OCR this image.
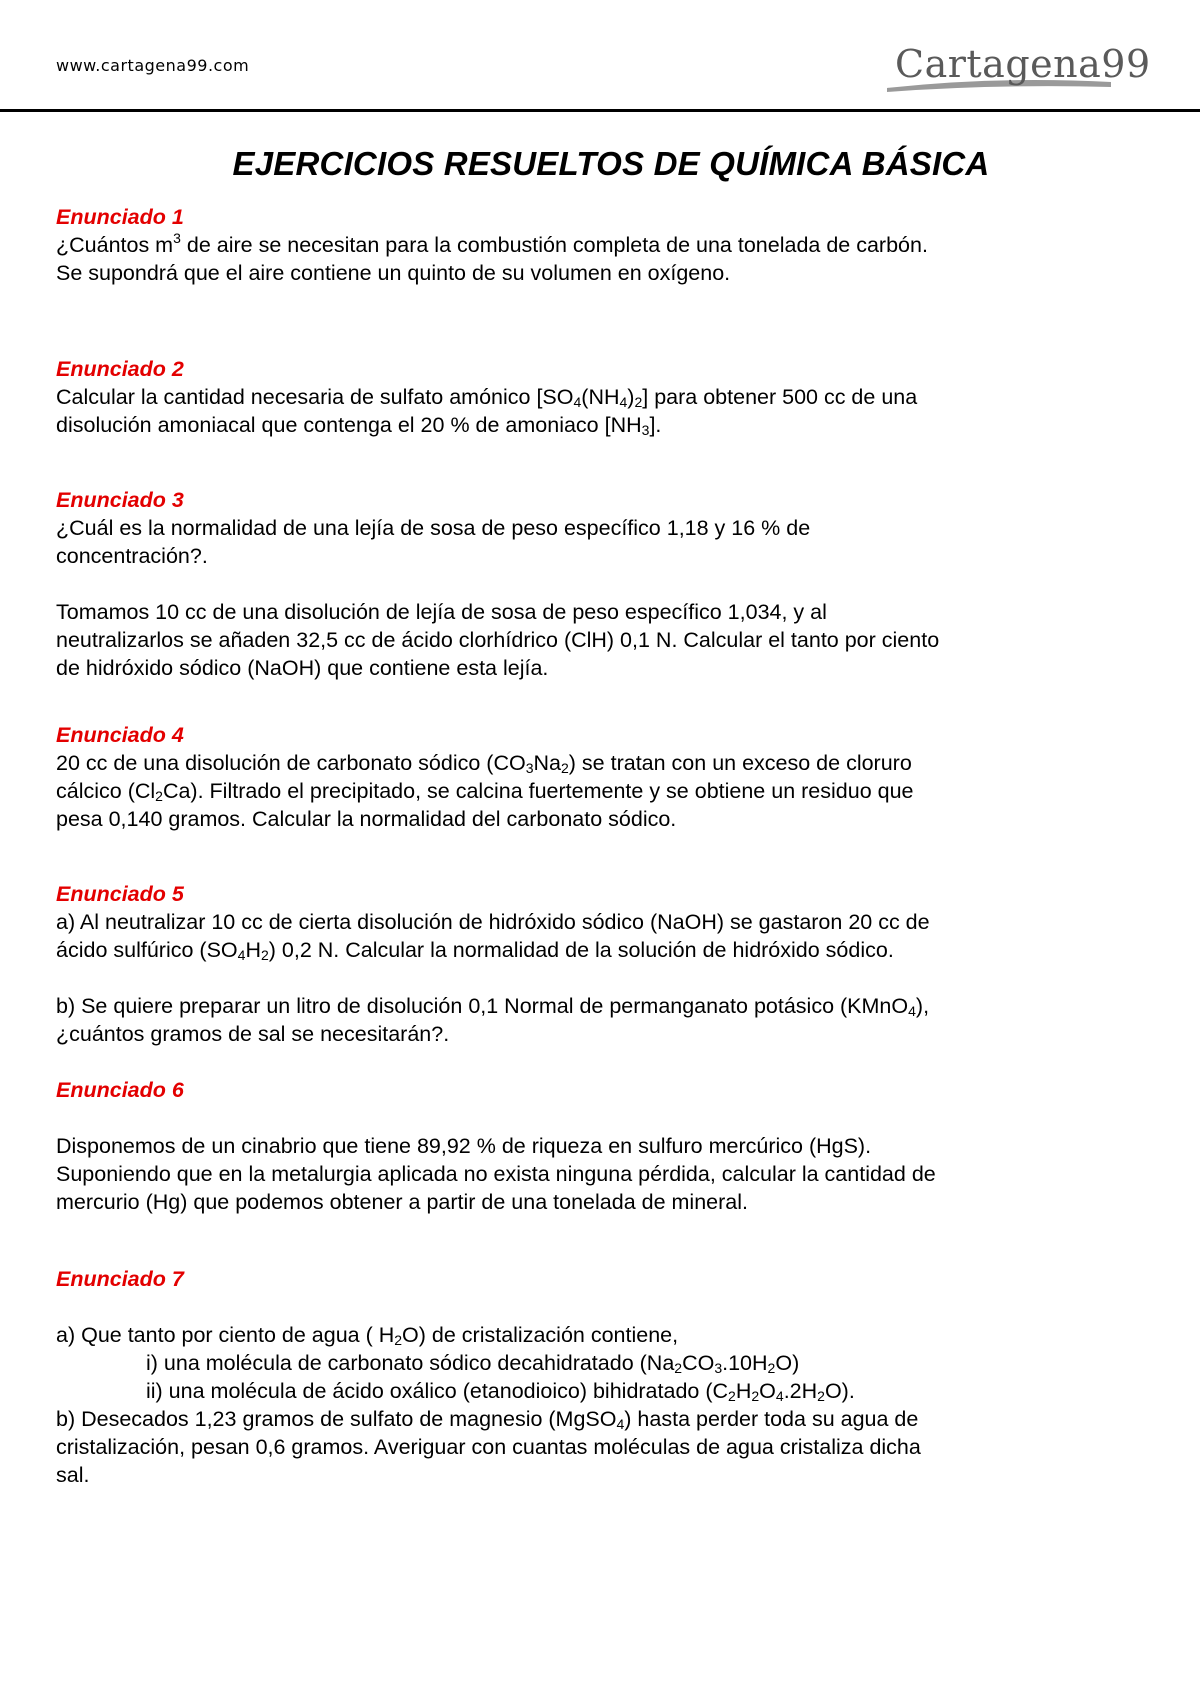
www.cartagena99.com	Cartagena99
EJERCICIOS RESUELTOS DE QUÍMICA BÁSICA
Enunciado 1

¿Cuántos $m^3$ de aire se necesitan para la combustión completa de una tonelada de carbón.

Se supondrá que el aire contiene un quinto de su volumen en oxígeno.

Enunciado 2

Calcular la cantidad necesaria de sulfato amónico $[SO_4(NH_4)_2]$ para obtener 500 cc de una

disolución amoniacal que contenga el 20 % de amoniaco $[NH_3]$.

Enunciado 3

¿Cuál es la normalidad de una lejía de sosa de peso específico 1,18 y 16 % de

concentración?.

Tomamos 10 cc de una disolución de lejía de sosa de peso específico 1,034, y al

neutralizarlos se añaden 32,5 cc de ácido clorhídrico (ClH) 0,1 N. Calcular el tanto por ciento

de hidróxido sódico (NaOH) que contiene esta lejía.

Enunciado 4

20 cc de una disolución de carbonato sódico $(CO_3Na_2)$ se tratan con un exceso de cloruro

cálcico $(Cl_2Ca)$. Filtrado el precipitado, se calcina fuertemente y se obtiene un residuo que

pesa 0,140 gramos. Calcular la normalidad del carbonato sódico.

Enunciado 5

a) Al neutralizar 10 cc de cierta disolución de hidróxido sódico (NaOH) se gastaron 20 cc de

ácido sulfúrico $(SO_4H_2)$ 0,2 N. Calcular la normalidad de la solución de hidróxido sódico.

b) Se quiere preparar un litro de disolución 0,1 Normal de permanganato potásico (KMnO$_4$),

¿cuántos gramos de sal se necesitarán?.

Enunciado 6

Disponemos de un cinabrio que tiene 89,92 % de riqueza en sulfuro mercúrico (HgS).

Suponiendo que en la metalurgia aplicada no exista ninguna pérdida, calcular la cantidad de

mercurio (Hg) que podemos obtener a partir de una tonelada de mineral.

Enunciado 7

a) Que tanto por ciento de agua ( $H_2O$) de cristalización contiene,

i) una molécula de carbonato sódico decahidratado $(Na_2CO_3.10H_2O)$

ii) una molécula de ácido oxálico (etanodioico) bihidratado $(C_2H_2O_4.2H_2O)$.

b) Desecados 1,23 gramos de sulfato de magnesio (MgSO$_4$) hasta perder toda su agua de

cristalización, pesan 0,6 gramos. Averiguar con cuantas moléculas de agua cristaliza dicha

sal.
